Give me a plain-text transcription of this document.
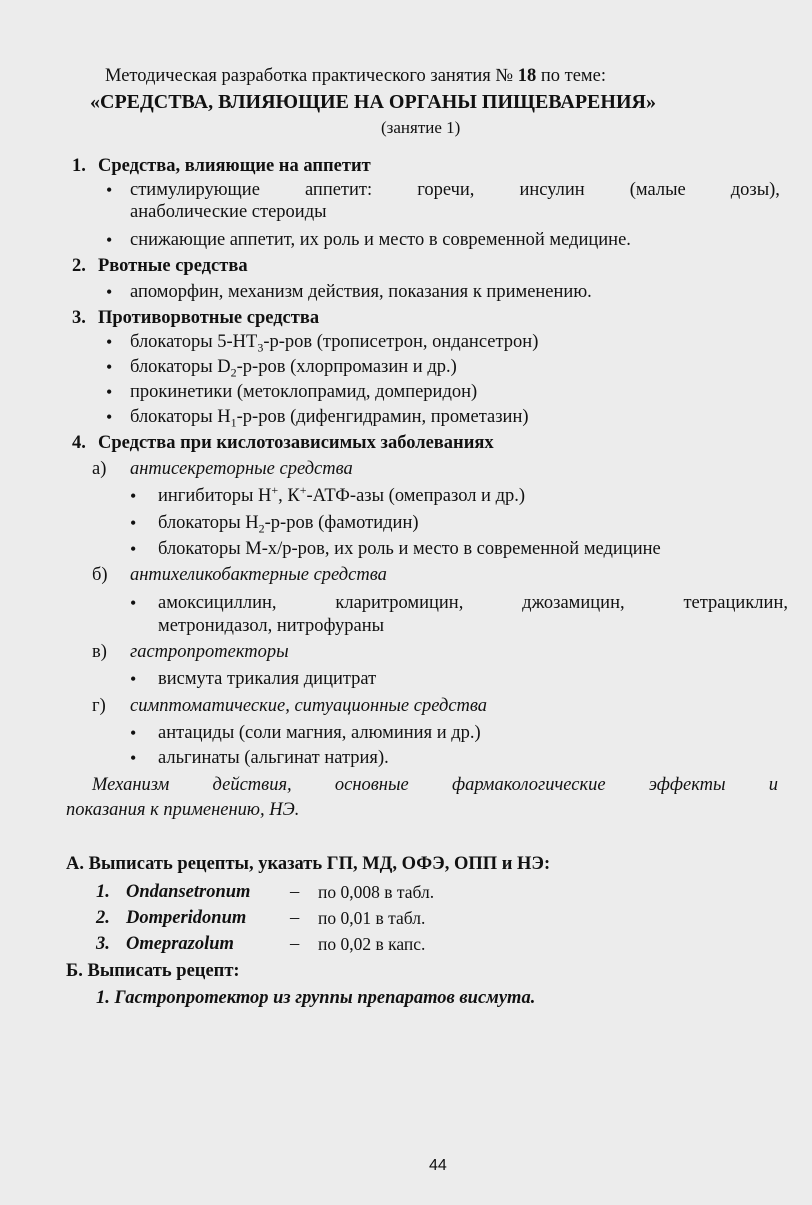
Методическая разработка практического занятия № 18 по теме:
«СРЕДСТВА, ВЛИЯЮЩИЕ НА ОРГАНЫ ПИЩЕВАРЕНИЯ»
(занятие 1)
1. Средства, влияющие на аппетит
• стимулирующие аппетит: горечи, инсулин (малые дозы),
анаболические стероиды
• снижающие аппетит, их роль и место в современной медицине.
2. Рвотные средства
• апоморфин, механизм действия, показания к применению.
3. Противорвотные средства
• блокаторы $5-НТ_3-р$-ров (трописетрон, ондансетрон)
• блокаторы $D_2-р$-ров (хлорпромазин и др.)
• прокинетики (метоклопрамид, домперидон)
• блокаторы $Н_1-р$-ров (дифенгидрамин, прометазин)
4. Средства при кислотозависимых заболеваниях
а) антисекреторные средства
• ингибиторы Н+, К+-АТФ-азы (омепразол и др.)
• блокаторы $Н_2-р$-ров (фамотидин)
• блокаторы М-х/р-ров, их роль и место в современной медицине
б) антихеликобактерные средства
• амоксициллин,	кларитромицин,	джозамицин,	тетрациклин,
метронидазол, нитрофураны
в) гастропротекторы
• висмута трикалия дицитрат
г) симптоматические, ситуационные средства
• антациды (соли магния, алюминия и др.)
• альгинаты (альгинат натрия).
Механизм действия, основные фармакологические эффекты и
показания к применению, НЭ.
А. Выписать рецепты, указать ГП, МД, ОФЭ, ОПП и НЭ:
1. Ondansetronum – по 0,008 в табл.
2. Domperidonum – по 0,01 в табл.
3. Omeprazolum	– по 0,02 в капс.
Б. Выписать рецепт:
1. Гастропротектор из группы препаратов висмута.
44
